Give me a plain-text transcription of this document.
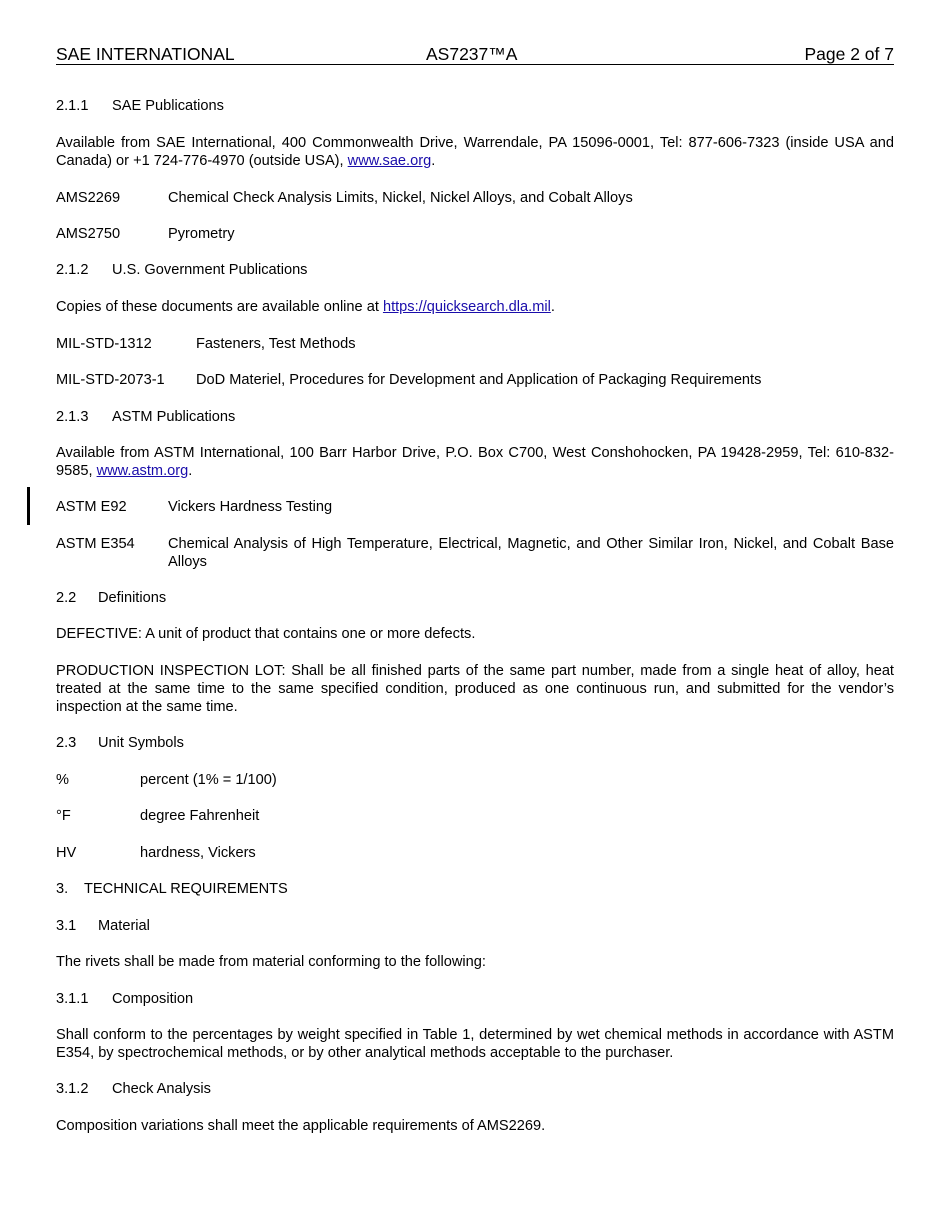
SAE INTERNATIONAL	AS7237™A	Page 2 of 7
2.1.1 SAE Publications
Available from SAE International, 400 Commonwealth Drive, Warrendale, PA 15096-0001, Tel: 877-606-7323 (inside USA and Canada) or +1 724-776-4970 (outside USA), www.sae.org.
AMS2269	Chemical Check Analysis Limits, Nickel, Nickel Alloys, and Cobalt Alloys
AMS2750	Pyrometry
2.1.2 U.S. Government Publications
Copies of these documents are available online at https://quicksearch.dla.mil.
MIL-STD-1312	Fasteners, Test Methods
MIL-STD-2073-1 DoD Materiel, Procedures for Development and Application of Packaging Requirements
2.1.3 ASTM Publications
Available from ASTM International, 100 Barr Harbor Drive, P.O. Box C700, West Conshohocken, PA 19428-2959, Tel: 610-832-9585, www.astm.org.
ASTM E92	Vickers Hardness Testing
ASTM E354 Chemical Analysis of High Temperature, Electrical, Magnetic, and Other Similar Iron, Nickel, and Cobalt Base Alloys
2.2 Definitions
DEFECTIVE: A unit of product that contains one or more defects.
PRODUCTION INSPECTION LOT: Shall be all finished parts of the same part number, made from a single heat of alloy, heat treated at the same time to the same specified condition, produced as one continuous run, and submitted for the vendor’s inspection at the same time.
2.3 Unit Symbols
%	percent (1% = 1/100)
°F	degree Fahrenheit
HV	hardness, Vickers
3. TECHNICAL REQUIREMENTS
3.1 Material
The rivets shall be made from material conforming to the following:
3.1.1 Composition
Shall conform to the percentages by weight specified in Table 1, determined by wet chemical methods in accordance with ASTM E354, by spectrochemical methods, or by other analytical methods acceptable to the purchaser.
3.1.2 Check Analysis
Composition variations shall meet the applicable requirements of AMS2269.
